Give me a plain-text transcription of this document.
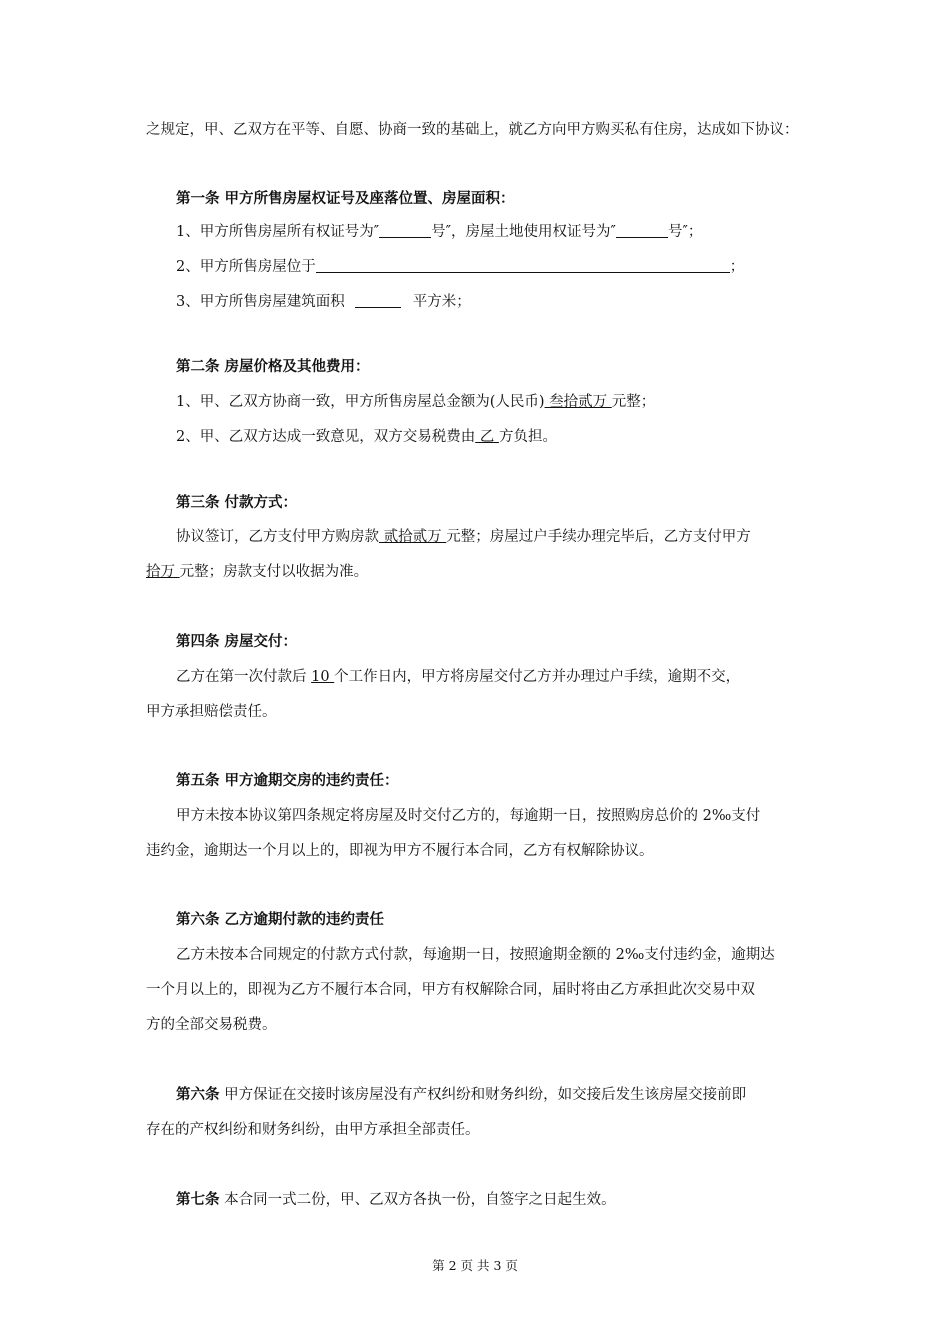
之规定，甲、乙双方在平等、自愿、协商一致的基础上，就乙方向甲方购买私有住房，达成如下协议：
第一条 甲方所售房屋权证号及座落位置、房屋面积：
1、甲方所售房屋所有权证号为″	号″，房屋土地使用权证号为″	号″；
2、甲方所售房屋位于	；
3、甲方所售房屋建筑面积	平方米；
第二条 房屋价格及其他费用：
1、甲、乙双方协商一致，甲方所售房屋总金额为(人民币) 叁拾贰万 元整；
2、甲、乙双方达成一致意见，双方交易税费由 乙 方负担。
第三条 付款方式：
协议签订，乙方支付甲方购房款 贰拾贰万 元整；房屋过户手续办理完毕后，乙方支付甲方
拾万 元整；房款支付以收据为准。
第四条 房屋交付：
乙方在第一次付款后 10 个工作日内，甲方将房屋交付乙方并办理过户手续，逾期不交，
甲方承担赔偿责任。
第五条 甲方逾期交房的违约责任：
甲方未按本协议第四条规定将房屋及时交付乙方的，每逾期一日，按照购房总价的 2‰支付
违约金，逾期达一个月以上的，即视为甲方不履行本合同，乙方有权解除协议。
第六条 乙方逾期付款的违约责任
乙方未按本合同规定的付款方式付款，每逾期一日，按照逾期金额的 2‰支付违约金，逾期达
一个月以上的，即视为乙方不履行本合同，甲方有权解除合同，届时将由乙方承担此次交易中双
方的全部交易税费。
第六条 甲方保证在交接时该房屋没有产权纠纷和财务纠纷，如交接后发生该房屋交接前即
存在的产权纠纷和财务纠纷，由甲方承担全部责任。
第七条 本合同一式二份，甲、乙双方各执一份，自签字之日起生效。
第 2 页 共 3 页
